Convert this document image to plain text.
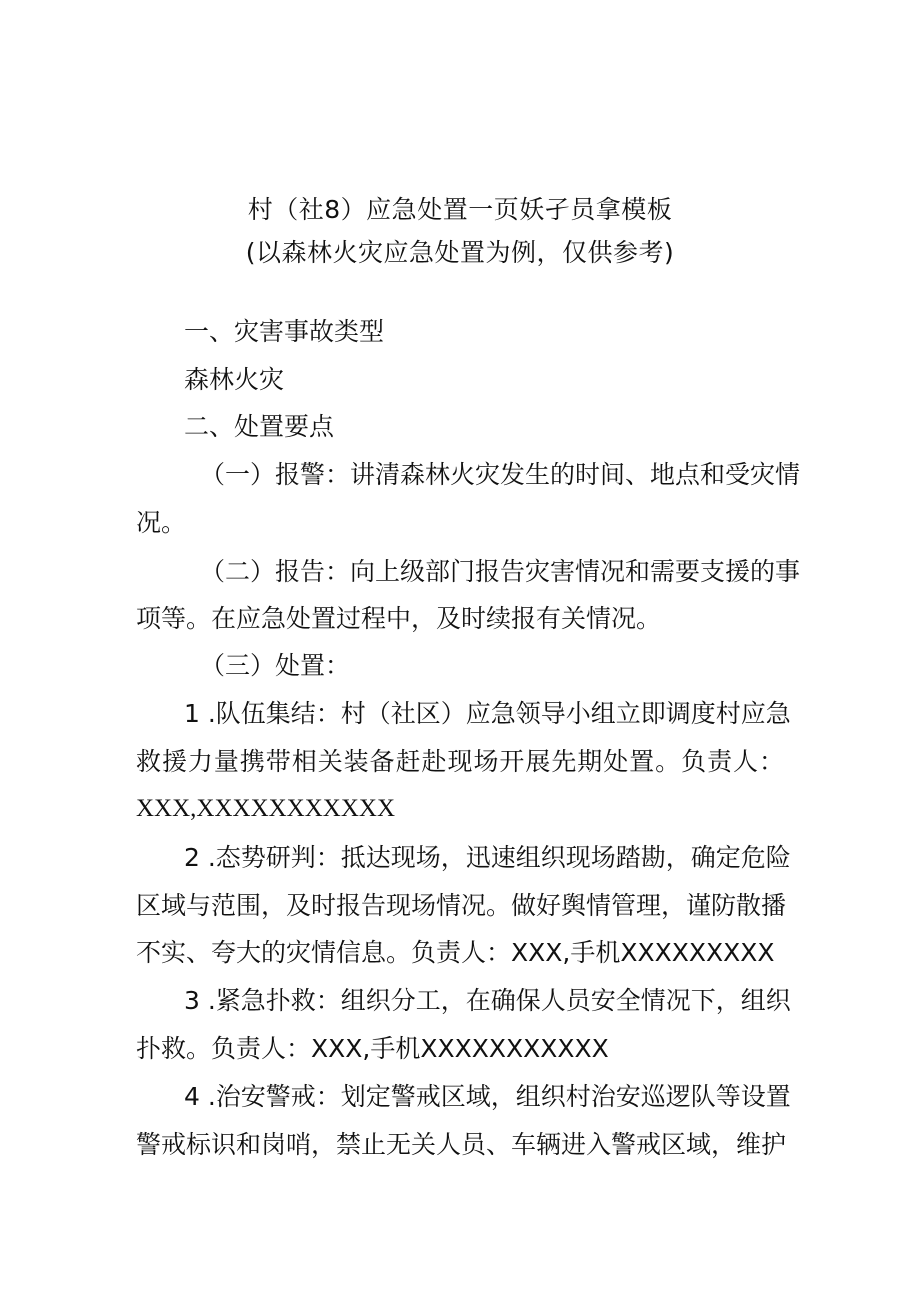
村（社8）应急处置一页妖孑员拿模板
(以森林火灾应急处置为例，仅供参考)
一、灾害事故类型
森林火灾
二、处置要点
（一）报警：讲清森林火灾发生的时间、地点和受灾情
况。
（二）报告：向上级部门报告灾害情况和需要支援的事
项等。在应急处置过程中，及时续报有关情况。
（三）处置：
1 .队伍集结：村（社区）应急领导小组立即调度村应急
救援力量携带相关装备赶赴现场开展先期处置。负责人：
XXX,XXXXXXXXXXX
2 .态势研判：抵达现场，迅速组织现场踏勘，确定危险
区域与范围，及时报告现场情况。做好舆情管理，谨防散播
不实、夸大的灾情信息。负责人：XXX,手机XXXXXXXXX
3 .紧急扑救：组织分工，在确保人员安全情况下，组织
扑救。负责人：XXX,手机XXXXXXXXXXX
4 .治安警戒：划定警戒区域，组织村治安巡逻队等设置
警戒标识和岗哨，禁止无关人员、车辆进入警戒区域，维护
